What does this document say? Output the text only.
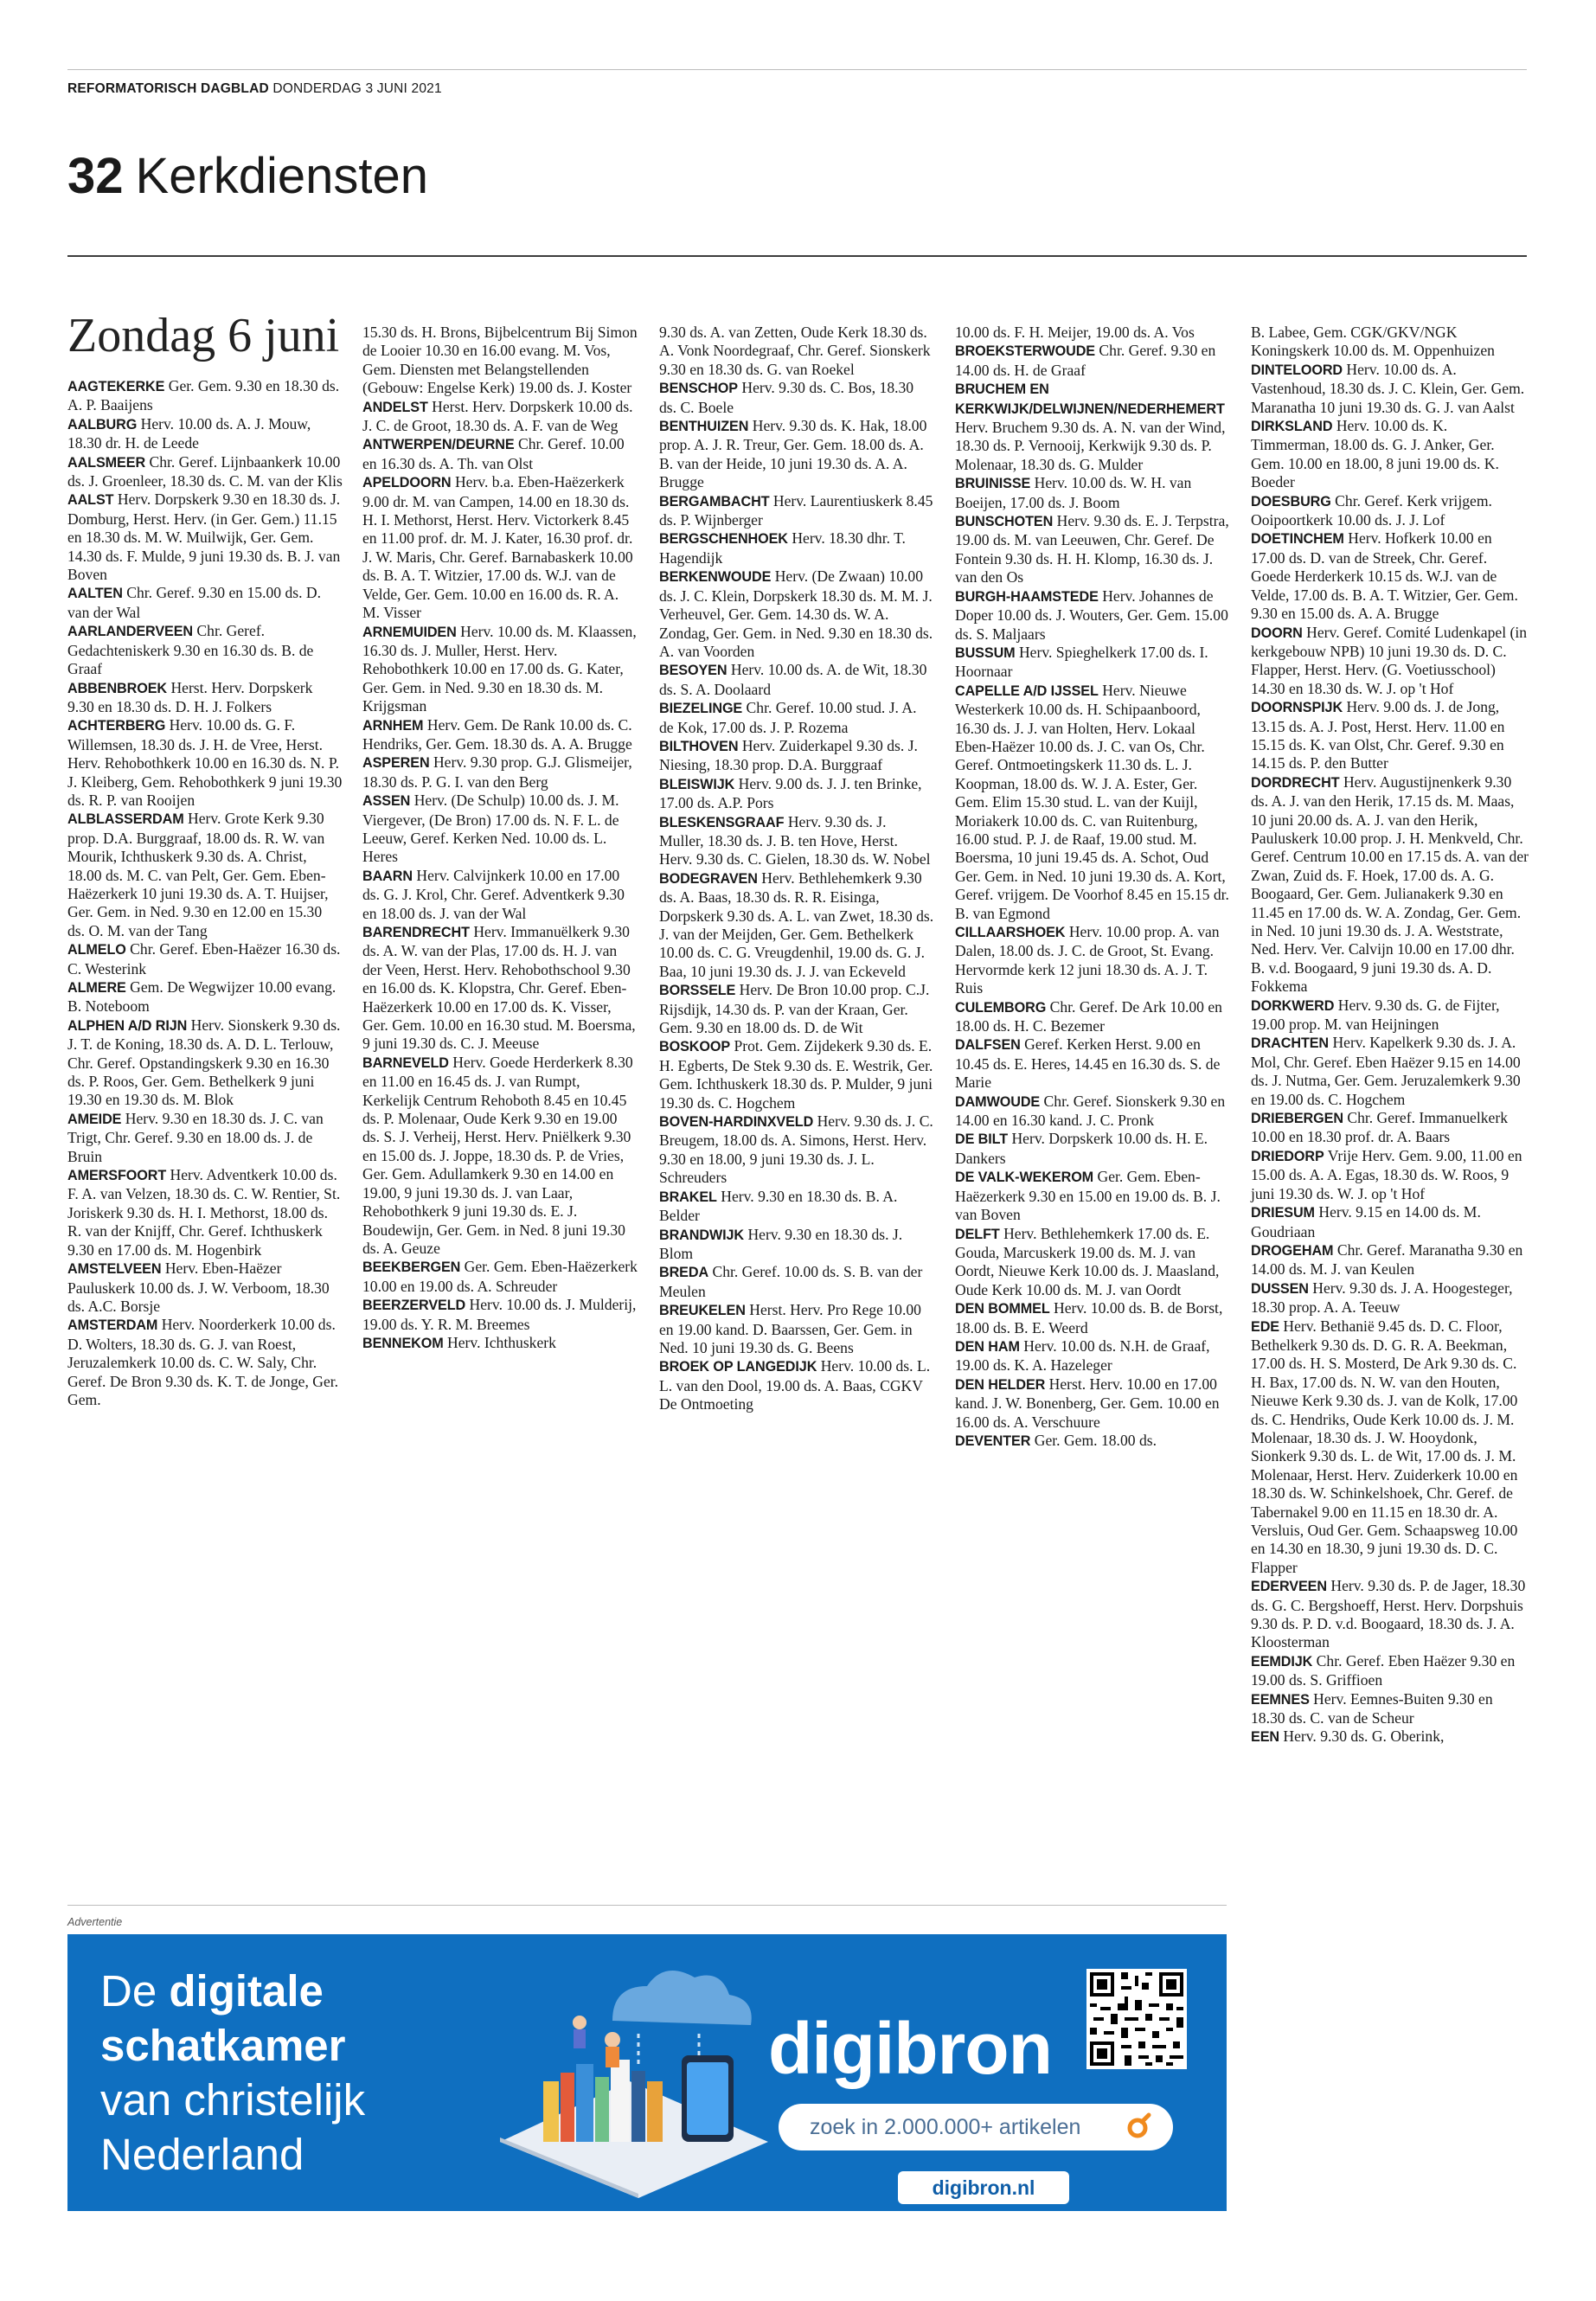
REFORMATORISCH DAGBLAD DONDERDAG 3 JUNI 2021
32 Kerkdiensten
Zondag 6 juni

AAGTEKERKE Ger. Gem. 9.30 en 18.30 ds. A. P. Baaijens

AALBURG Herv. 10.00 ds. A. J. Mouw, 18.30 dr. H. de Leede

AALSMEER Chr. Geref. Lijnbaankerk 10.00 ds. J. Groenleer, 18.30 ds. C. M. van der Klis

AALST Herv. Dorpskerk 9.30 en 18.30 ds. J. Domburg, Herst. Herv. (in Ger. Gem.) 11.15 en 18.30 ds. M. W. Muilwijk, Ger. Gem. 14.30 ds. F. Mulde, 9 juni 19.30 ds. B. J. van Boven

AALTEN Chr. Geref. 9.30 en 15.00 ds. D. van der Wal

AARLANDERVEEN Chr. Geref. Gedachteniskerk 9.30 en 16.30 ds. B. de Graaf

ABBENBROEK Herst. Herv. Dorpskerk 9.30 en 18.30 ds. D. H. J. Folkers

ACHTERBERG Herv. 10.00 ds. G. F. Willemsen, 18.30 ds. J. H. de Vree, Herst. Herv. Rehobothkerk 10.00 en 16.30 ds. N. P. J. Kleiberg, Gem. Rehobothkerk 9 juni 19.30 ds. R. P. van Rooijen

ALBLASSERDAM Herv. Grote Kerk 9.30 prop. D.A. Burggraaf, 18.00 ds. R. W. van Mourik, Ichthuskerk 9.30 ds. A. Christ, 18.00 ds. M. C. van Pelt, Ger. Gem. Eben-Haëzerkerk 10 juni 19.30 ds. A. T. Huijser, Ger. Gem. in Ned. 9.30 en 12.00 en 15.30 ds. O. M. van der Tang

ALMELO Chr. Geref. Eben-Haëzer 16.30 ds. C. Westerink

ALMERE Gem. De Wegwijzer 10.00 evang. B. Noteboom

ALPHEN A/D RIJN Herv. Sionskerk 9.30 ds. J. T. de Koning, 18.30 ds. A. D. L. Terlouw, Chr. Geref. Opstandingskerk 9.30 en 16.30 ds. P. Roos, Ger. Gem. Bethelkerk 9 juni 19.30 en 19.30 ds. M. Blok

AMEIDE Herv. 9.30 en 18.30 ds. J. C. van Trigt, Chr. Geref. 9.30 en 18.00 ds. J. de Bruin

AMERSFOORT Herv. Adventkerk 10.00 ds. F. A. van Velzen, 18.30 ds. C. W. Rentier, St. Joriskerk 9.30 ds. H. I. Methorst, 18.00 ds. R. van der Knijff, Chr. Geref. Ichthuskerk 9.30 en 17.00 ds. M. Hogenbirk

AMSTELVEEN Herv. Eben-Haëzer Pauluskerk 10.00 ds. J. W. Verboom, 18.30 ds. A.C. Borsje

AMSTERDAM Herv. Noorderkerk 10.00 ds. D. Wolters, 18.30 ds. G. J. van Roest, Jeruzalemkerk 10.00 ds. C. W. Saly, Chr. Geref. De Bron 9.30 ds. K. T. de Jonge, Ger. Gem.

15.30 ds. H. Brons, Bijbelcentrum Bij Simon de Looier 10.30 en 16.00 evang. M. Vos, Gem. Diensten met Belangstellenden (Gebouw: Engelse Kerk) 19.00 ds. J. Koster

ANDELST Herst. Herv. Dorpskerk 10.00 ds. J. C. de Groot, 18.30 ds. A. F. van de Weg

ANTWERPEN/DEURNE Chr. Geref. 10.00 en 16.30 ds. A. Th. van Olst

APELDOORN Herv. b.a. Eben-Haëzerkerk 9.00 dr. M. van Campen, 14.00 en 18.30 ds. H. I. Methorst, Herst. Herv. Victorkerk 8.45 en 11.00 prof. dr. M. J. Kater, 16.30 prof. dr. J. W. Maris, Chr. Geref. Barnabaskerk 10.00 ds. B. A. T. Witzier, 17.00 ds. W.J. van de Velde, Ger. Gem. 10.00 en 16.00 ds. R. A. M. Visser

ARNEMUIDEN Herv. 10.00 ds. M. Klaassen, 16.30 ds. J. Muller, Herst. Herv. Rehobothkerk 10.00 en 17.00 ds. G. Kater, Ger. Gem. in Ned. 9.30 en 18.30 ds. M. Krijgsman

ARNHEM Herv. Gem. De Rank 10.00 ds. C. Hendriks, Ger. Gem. 18.30 ds. A. A. Brugge

ASPEREN Herv. 9.30 prop. G.J. Glismeijer, 18.30 ds. P. G. I. van den Berg

ASSEN Herv. (De Schulp) 10.00 ds. J. M. Viergever, (De Bron) 17.00 ds. N. F. L. de Leeuw, Geref. Kerken Ned. 10.00 ds. L. Heres

BAARN Herv. Calvijnkerk 10.00 en 17.00 ds. G. J. Krol, Chr. Geref. Adventkerk 9.30 en 18.00 ds. J. van der Wal

BARENDRECHT Herv. Immanuëlkerk 9.30 ds. A. W. van der Plas, 17.00 ds. H. J. van der Veen, Herst. Herv. Rehobothschool 9.30 en 16.00 ds. K. Klopstra, Chr. Geref. Eben-Haëzerkerk 10.00 en 17.00 ds. K. Visser, Ger. Gem. 10.00 en 16.30 stud. M. Boersma, 9 juni 19.30 ds. C. J. Meeuse

BARNEVELD Herv. Goede Herderkerk 8.30 en 11.00 en 16.45 ds. J. van Rumpt, Kerkelijk Centrum Rehoboth 8.45 en 10.45 ds. P. Molenaar, Oude Kerk 9.30 en 19.00 ds. S. J. Verheij, Herst. Herv. Pniëlkerk 9.30 en 15.00 ds. J. Joppe, 18.30 ds. P. de Vries, Ger. Gem. Adullamkerk 9.30 en 14.00 en 19.00, 9 juni 19.30 ds. J. van Laar, Rehobothkerk 9 juni 19.30 ds. E. J. Boudewijn, Ger. Gem. in Ned. 8 juni 19.30 ds. A. Geuze

BEEKBERGEN Ger. Gem. Eben-Haëzerkerk 10.00 en 19.00 ds. A. Schreuder

BEERZERVELD Herv. 10.00 ds. J. Mulderij, 19.00 ds. Y. R. M. Breemes

BENNEKOM Herv. Ichthuskerk

9.30 ds. A. van Zetten, Oude Kerk 18.30 ds. A. Vonk Noordegraaf, Chr. Geref. Sionskerk 9.30 en 18.30 ds. G. van Roekel

BENSCHOP Herv. 9.30 ds. C. Bos, 18.30 ds. C. Boele

BENTHUIZEN Herv. 9.30 ds. K. Hak, 18.00 prop. A. J. R. Treur, Ger. Gem. 18.00 ds. A. B. van der Heide, 10 juni 19.30 ds. A. A. Brugge

BERGAMBACHT Herv. Laurentiuskerk 8.45 ds. P. Wijnberger

BERGSCHENHOEK Herv. 18.30 dhr. T. Hagendijk

BERKENWOUDE Herv. (De Zwaan) 10.00 ds. J. C. Klein, Dorpskerk 18.30 ds. M. M. J. Verheuvel, Ger. Gem. 14.30 ds. W. A. Zondag, Ger. Gem. in Ned. 9.30 en 18.30 ds. A. van Voorden

BESOYEN Herv. 10.00 ds. A. de Wit, 18.30 ds. S. A. Doolaard

BIEZELINGE Chr. Geref. 10.00 stud. J. A. de Kok, 17.00 ds. J. P. Rozema

BILTHOVEN Herv. Zuiderkapel 9.30 ds. J. Niesing, 18.30 prop. D.A. Burggraaf

BLEISWIJK Herv. 9.00 ds. J. J. ten Brinke, 17.00 ds. A.P. Pors

BLESKENSGRAAF Herv. 9.30 ds. J. Muller, 18.30 ds. J. B. ten Hove, Herst. Herv. 9.30 ds. C. Gielen, 18.30 ds. W. Nobel

BODEGRAVEN Herv. Bethlehemkerk 9.30 ds. A. Baas, 18.30 ds. R. R. Eisinga, Dorpskerk 9.30 ds. A. L. van Zwet, 18.30 ds. J. van der Meijden, Ger. Gem. Bethelkerk 10.00 ds. C. G. Vreugdenhil, 19.00 ds. G. J. Baa, 10 juni 19.30 ds. J. J. van Eckeveld

BORSSELE Herv. De Bron 10.00 prop. C.J. Rijsdijk, 14.30 ds. P. van der Kraan, Ger. Gem. 9.30 en 18.00 ds. D. de Wit

BOSKOOP Prot. Gem. Zijdekerk 9.30 ds. E. H. Egberts, De Stek 9.30 ds. E. Westrik, Ger. Gem. Ichthuskerk 18.30 ds. P. Mulder, 9 juni 19.30 ds. C. Hogchem

BOVEN-HARDINXVELD Herv. 9.30 ds. J. C. Breugem, 18.00 ds. A. Simons, Herst. Herv. 9.30 en 18.00, 9 juni 19.30 ds. J. L. Schreuders

BRAKEL Herv. 9.30 en 18.30 ds. B. A. Belder

BRANDWIJK Herv. 9.30 en 18.30 ds. J. Blom

BREDA Chr. Geref. 10.00 ds. S. B. van der Meulen

BREUKELEN Herst. Herv. Pro Rege 10.00 en 19.00 kand. D. Baarssen, Ger. Gem. in Ned. 10 juni 19.30 ds. G. Beens

BROEK OP LANGEDIJK Herv. 10.00 ds. L. L. van den Dool, 19.00 ds. A. Baas, CGKV De Ontmoeting

10.00 ds. F. H. Meijer, 19.00 ds. A. Vos

BROEKSTERWOUDE Chr. Geref. 9.30 en 14.00 ds. H. de Graaf

BRUCHEM EN KERKWIJK/DELWIJNEN/NEDERHEMERT Herv. Bruchem 9.30 ds. A. N. van der Wind, 18.30 ds. P. Vernooij, Kerkwijk 9.30 ds. P. Molenaar, 18.30 ds. G. Mulder

BRUINISSE Herv. 10.00 ds. W. H. van Boeijen, 17.00 ds. J. Boom

BUNSCHOTEN Herv. 9.30 ds. E. J. Terpstra, 19.00 ds. M. van Leeuwen, Chr. Geref. De Fontein 9.30 ds. H. H. Klomp, 16.30 ds. J. van den Os

BURGH-HAAMSTEDE Herv. Johannes de Doper 10.00 ds. J. Wouters, Ger. Gem. 15.00 ds. S. Maljaars

BUSSUM Herv. Spieghelkerk 17.00 ds. I. Hoornaar

CAPELLE A/D IJSSEL Herv. Nieuwe Westerkerk 10.00 ds. H. Schipaanboord, 16.30 ds. J. J. van Holten, Herv. Lokaal Eben-Haëzer 10.00 ds. J. C. van Os, Chr. Geref. Ontmoetingskerk 11.30 ds. L. J. Koopman, 18.00 ds. W. J. A. Ester, Ger. Gem. Elim 15.30 stud. L. van der Kuijl, Moriakerk 10.00 ds. C. van Ruitenburg, 16.00 stud. P. J. de Raaf, 19.00 stud. M. Boersma, 10 juni 19.45 ds. A. Schot, Oud Ger. Gem. in Ned. 10 juni 19.30 ds. A. Kort, Geref. vrijgem. De Voorhof 8.45 en 15.15 dr. B. van Egmond

CILLAARSHOEK Herv. 10.00 prop. A. van Dalen, 18.00 ds. J. C. de Groot, St. Evang. Hervormde kerk 12 juni 18.30 ds. A. J. T. Ruis

CULEMBORG Chr. Geref. De Ark 10.00 en 18.00 ds. H. C. Bezemer

DALFSEN Geref. Kerken Herst. 9.00 en 10.45 ds. E. Heres, 14.45 en 16.30 ds. S. de Marie

DAMWOUDE Chr. Geref. Sionskerk 9.30 en 14.00 en 16.30 kand. J. C. Pronk

DE BILT Herv. Dorpskerk 10.00 ds. H. E. Dankers

DE VALK-WEKEROM Ger. Gem. Eben-Haëzerkerk 9.30 en 15.00 en 19.00 ds. B. J. van Boven

DELFT Herv. Bethlehemkerk 17.00 ds. E. Gouda, Marcuskerk 19.00 ds. M. J. van Oordt, Nieuwe Kerk 10.00 ds. J. Maasland, Oude Kerk 10.00 ds. M. J. van Oordt

DEN BOMMEL Herv. 10.00 ds. B. de Borst, 18.00 ds. B. E. Weerd

DEN HAM Herv. 10.00 ds. N.H. de Graaf, 19.00 ds. K. A. Hazeleger

DEN HELDER Herst. Herv. 10.00 en 17.00 kand. J. W. Bonenberg, Ger. Gem. 10.00 en 16.00 ds. A. Verschuure

DEVENTER Ger. Gem. 18.00 ds.

B. Labee, Gem. CGK/GKV/NGK Koningskerk 10.00 ds. M. Oppenhuizen

DINTELOORD Herv. 10.00 ds. A. Vastenhoud, 18.30 ds. J. C. Klein, Ger. Gem. Maranatha 10 juni 19.30 ds. G. J. van Aalst

DIRKSLAND Herv. 10.00 ds. K. Timmerman, 18.00 ds. G. J. Anker, Ger. Gem. 10.00 en 18.00, 8 juni 19.00 ds. K. Boeder

DOESBURG Chr. Geref. Kerk vrijgem. Ooipoortkerk 10.00 ds. J. J. Lof

DOETINCHEM Herv. Hofkerk 10.00 en 17.00 ds. D. van de Streek, Chr. Geref. Goede Herderkerk 10.15 ds. W.J. van de Velde, 17.00 ds. B. A. T. Witzier, Ger. Gem. 9.30 en 15.00 ds. A. A. Brugge

DOORN Herv. Geref. Comité Ludenkapel (in kerkgebouw NPB) 10 juni 19.30 ds. D. C. Flapper, Herst. Herv. (G. Voetiusschool) 14.30 en 18.30 ds. W. J. op 't Hof

DOORNSPIJK Herv. 9.00 ds. J. de Jong, 13.15 ds. A. J. Post, Herst. Herv. 11.00 en 15.15 ds. K. van Olst, Chr. Geref. 9.30 en 14.15 ds. P. den Butter

DORDRECHT Herv. Augustijnenkerk 9.30 ds. A. J. van den Herik, 17.15 ds. M. Maas, 10 juni 20.00 ds. A. J. van den Herik, Pauluskerk 10.00 prop. J. H. Menkveld, Chr. Geref. Centrum 10.00 en 17.15 ds. A. van der Zwan, Zuid ds. F. Hoek, 17.00 ds. A. G. Boogaard, Ger. Gem. Julianakerk 9.30 en 11.45 en 17.00 ds. W. A. Zondag, Ger. Gem. in Ned. 10 juni 19.30 ds. J. A. Weststrate, Ned. Herv. Ver. Calvijn 10.00 en 17.00 dhr. B. v.d. Boogaard, 9 juni 19.30 ds. A. D. Fokkema

DORKWERD Herv. 9.30 ds. G. de Fijter, 19.00 prop. M. van Heijningen

DRACHTEN Herv. Kapelkerk 9.30 ds. J. A. Mol, Chr. Geref. Eben Haëzer 9.15 en 14.00 ds. J. Nutma, Ger. Gem. Jeruzalemkerk 9.30 en 19.00 ds. C. Hogchem

DRIEBERGEN Chr. Geref. Immanuelkerk 10.00 en 18.30 prof. dr. A. Baars

DRIEDORP Vrije Herv. Gem. 9.00, 11.00 en 15.00 ds. A. A. Egas, 18.30 ds. W. Roos, 9 juni 19.30 ds. W. J. op 't Hof

DRIESUM Herv. 9.15 en 14.00 ds. M. Goudriaan

DROGEHAM Chr. Geref. Maranatha 9.30 en 14.00 ds. M. J. van Keulen

DUSSEN Herv. 9.30 ds. J. A. Hoogesteger, 18.30 prop. A. A. Teeuw

EDE Herv. Bethanië 9.45 ds. D. C. Floor, Bethelkerk 9.30 ds. D. G. R. A. Beekman, 17.00 ds. H. S. Mosterd, De Ark 9.30 ds. C. H. Bax, 17.00 ds. N. W. van den Houten, Nieuwe Kerk 9.30 ds. J. van de Kolk, 17.00 ds. C. Hendriks, Oude Kerk 10.00 ds. J. M. Molenaar, 18.30 ds. J. W. Hooydonk, Sionkerk 9.30 ds. L. de Wit, 17.00 ds. J. M. Molenaar, Herst. Herv. Zuiderkerk 10.00 en 18.30 ds. W. Schinkelshoek, Chr. Geref. de Tabernakel 9.00 en 11.15 en 18.30 dr. A. Versluis, Oud Ger. Gem. Schaapsweg 10.00 en 14.30 en 18.30, 9 juni 19.30 ds. D. C. Flapper

EDERVEEN Herv. 9.30 ds. P. de Jager, 18.30 ds. G. C. Bergshoeff, Herst. Herv. Dorpshuis 9.30 ds. P. D. v.d. Boogaard, 18.30 ds. J. A. Kloosterman

EEMDIJK Chr. Geref. Eben Haëzer 9.30 en 19.00 ds. S. Griffioen

EEMNES Herv. Eemnes-Buiten 9.30 en 18.30 ds. C. van de Scheur

EEN Herv. 9.30 ds. G. Oberink,

Advertentie
De digitale
schatkamer
van christelijk
Nederland
digibron
zoek in 2.000.000+ artikelen
digibron.nl
